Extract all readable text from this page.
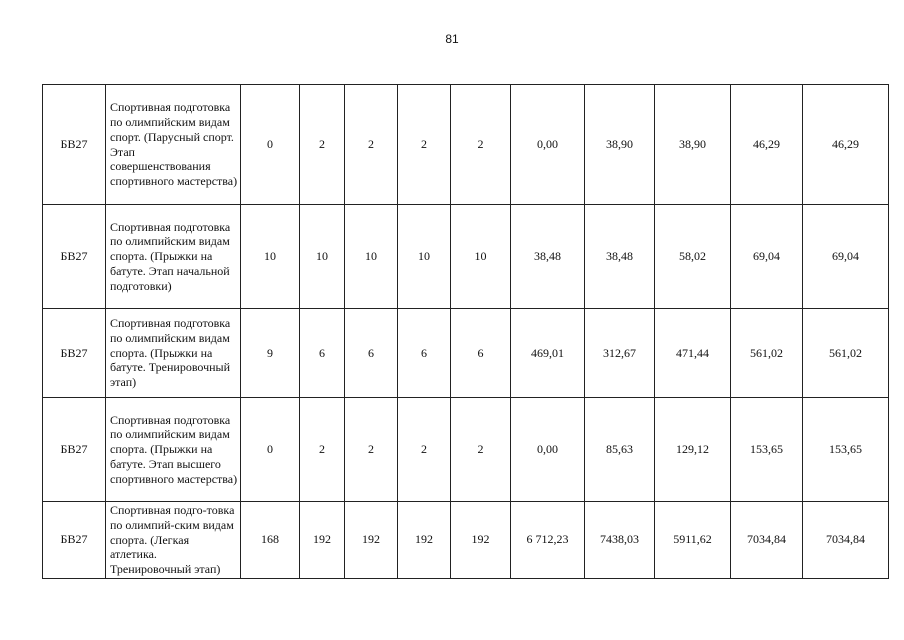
81
БВ27	Спортивная подготовка по олимпийским видам спорт. (Парусный спорт. Этап совершенствования спортивного мастерства)	0	2	2	2	2	0,00	38,90	38,90	46,29	46,29
БВ27	Спортивная подготовка по олимпийским видам спорта. (Прыжки на батуте. Этап начальной подготовки)	10	10	10	10	10	38,48	38,48	58,02	69,04	69,04
БВ27	Спортивная подготовка по олимпийским видам спорта. (Прыжки на батуте. Тренировочный этап)	9	6	6	6	6	469,01	312,67	471,44	561,02	561,02
БВ27	Спортивная подготовка по олимпийским видам спорта. (Прыжки на батуте. Этап высшего спортивного мастерства)	0	2	2	2	2	0,00	85,63	129,12	153,65	153,65
БВ27	Спортивная подго-товка по олимпий-ским видам спорта. (Легкая атлетика. Тренировочный этап)	168	192	192	192	192	6 712,23	7438,03	5911,62	7034,84	7034,84
